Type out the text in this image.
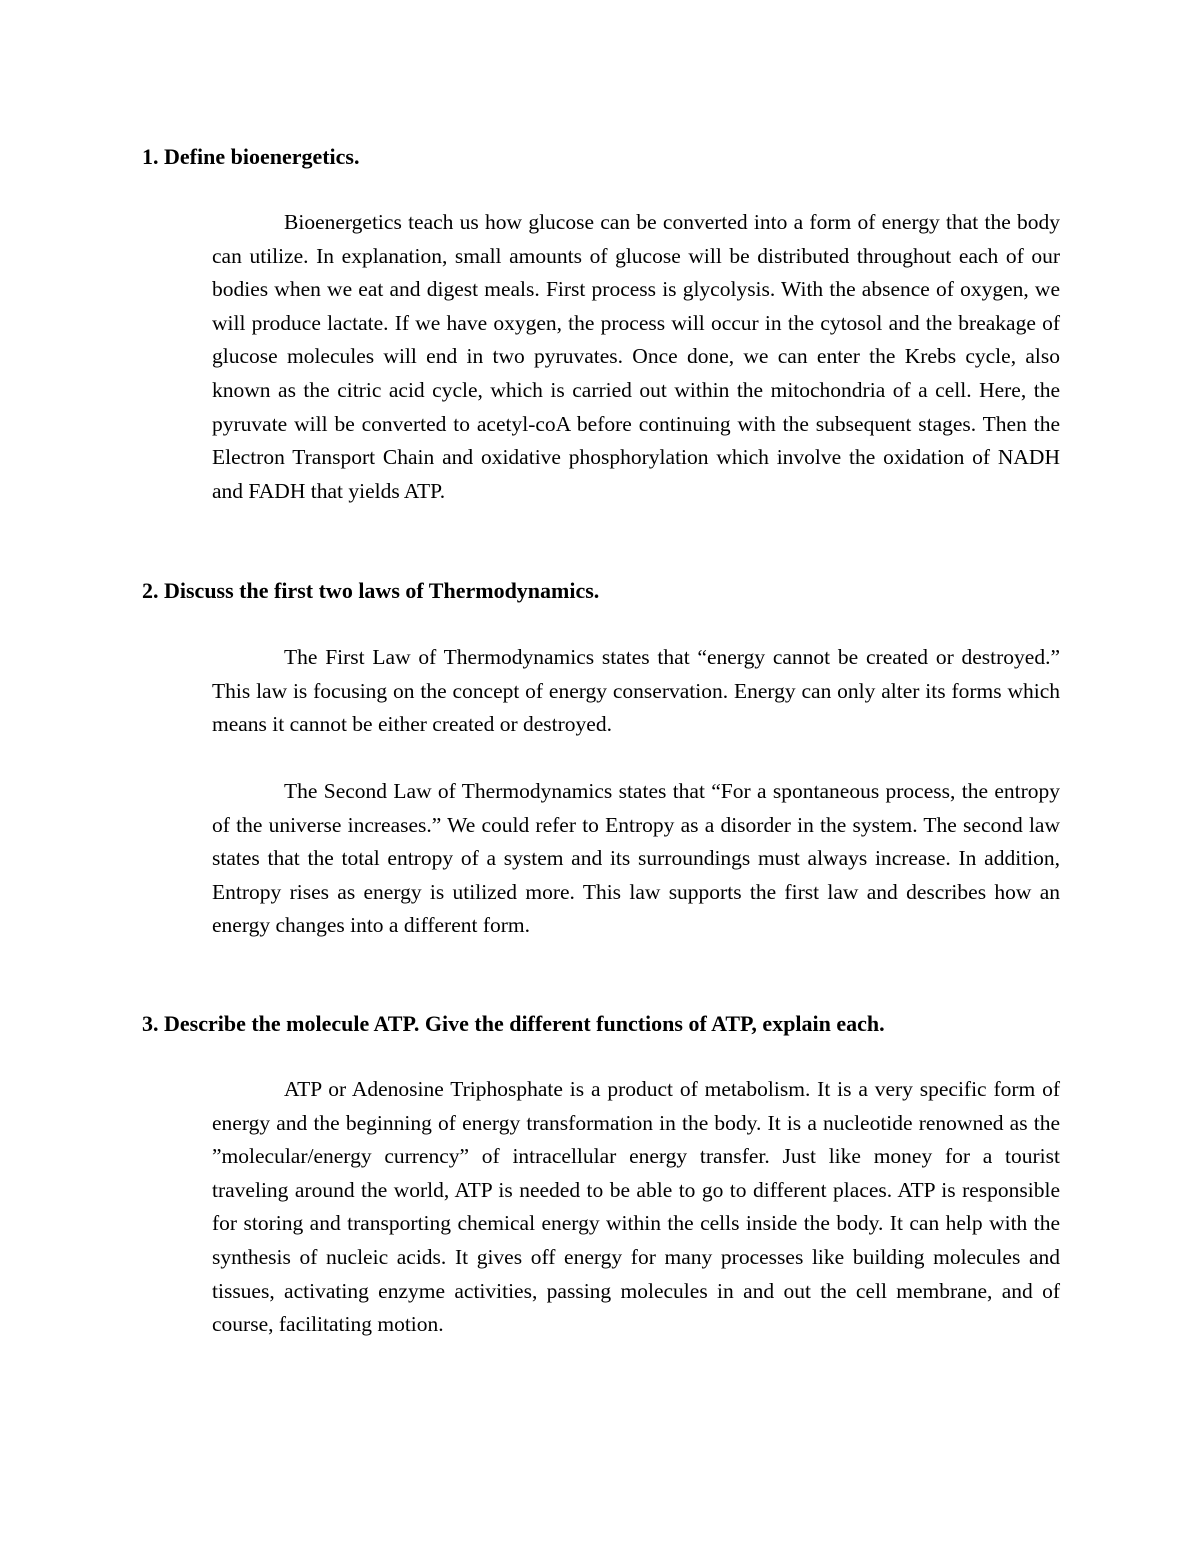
1. Define bioenergetics.

Bioenergetics teach us how glucose can be converted into a form of energy that the body can utilize. In explanation, small amounts of glucose will be distributed throughout each of our bodies when we eat and digest meals. First process is glycolysis. With the absence of oxygen, we will produce lactate. If we have oxygen, the process will occur in the cytosol and the breakage of glucose molecules will end in two pyruvates. Once done, we can enter the Krebs cycle, also known as the citric acid cycle, which is carried out within the mitochondria of a cell. Here, the pyruvate will be converted to acetyl-coA before continuing with the subsequent stages. Then the Electron Transport Chain and oxidative phosphorylation which involve the oxidation of NADH and FADH that yields ATP.

2. Discuss the first two laws of Thermodynamics.

The First Law of Thermodynamics states that “energy cannot be created or destroyed.” This law is focusing on the concept of energy conservation. Energy can only alter its forms which means it cannot be either created or destroyed.

The Second Law of Thermodynamics states that “For a spontaneous process, the entropy of the universe increases.” We could refer to Entropy as a disorder in the system. The second law states that the total entropy of a system and its surroundings must always increase. In addition, Entropy rises as energy is utilized more. This law supports the first law and describes how an energy changes into a different form.

3. Describe the molecule ATP. Give the different functions of ATP, explain each.

ATP or Adenosine Triphosphate is a product of metabolism. It is a very specific form of energy and the beginning of energy transformation in the body. It is a nucleotide renowned as the ”molecular/energy currency” of intracellular energy transfer. Just like money for a tourist traveling around the world, ATP is needed to be able to go to different places. ATP is responsible for storing and transporting chemical energy within the cells inside the body. It can help with the synthesis of nucleic acids. It gives off energy for many processes like building molecules and tissues, activating enzyme activities, passing molecules in and out the cell membrane, and of course, facilitating motion.
